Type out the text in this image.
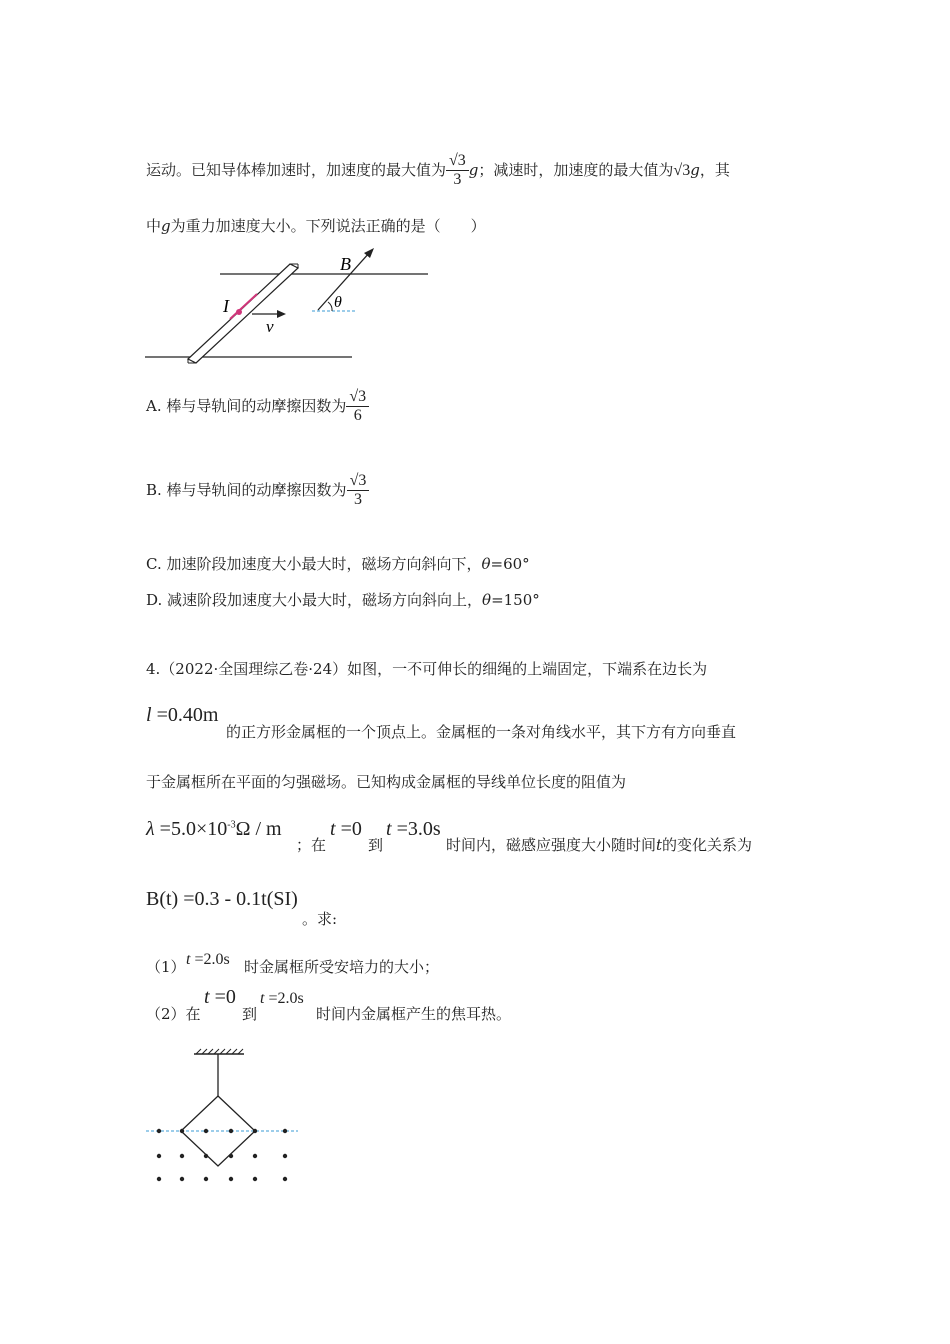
运动。已知导体棒加速时，加速度的最大值为 $\frac{√3}{3}$ g；减速时，加速度的最大值为√3g，其
中g为重力加速度大小。下列说法正确的是（　　）
I
v
B
θ
A. 棒与导轨间的动摩擦因数为 $\frac{√3}{6}$
B. 棒与导轨间的动摩擦因数为 $\frac{√3}{3}$
C. 加速阶段加速度大小最大时，磁场方向斜向下，θ=60°
D. 减速阶段加速度大小最大时，磁场方向斜向上，θ=150°
4.（2022·全国理综乙卷·24）如图，一不可伸长的细绳的上端固定，下端系在边长为
l =0.40m
的正方形金属框的一个顶点上。金属框的一条对角线水平，其下方有方向垂直
于金属框所在平面的匀强磁场。已知构成金属框的导线单位长度的阻值为
$\lambda =5.0\times 10^{-3}\Omega / m$
；在
t =0
到
t =3.0s
时间内，磁感应强度大小随时间t的变化关系为
B(t) =0.3 - 0.1t(SI)
。求:
（1） t =2.0s 时金属框所受安培力的大小；
（2）在
t =0
到
t =2.0s
时间内金属框产生的焦耳热。
